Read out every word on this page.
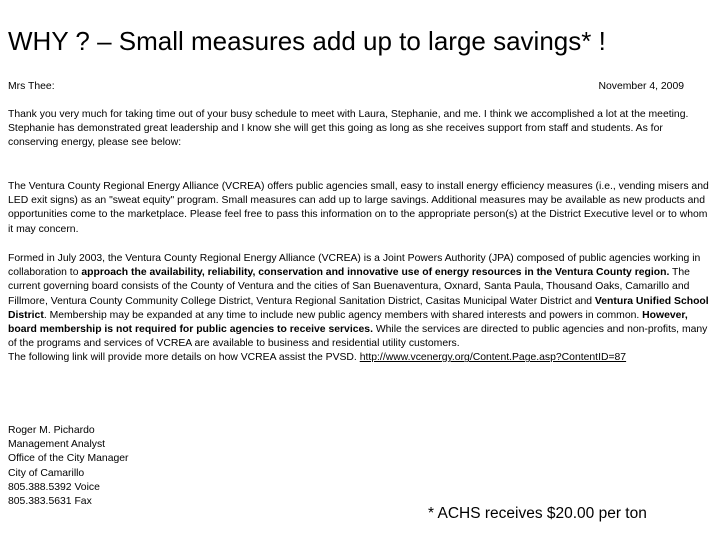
WHY ? – Small measures add up to large savings* !
Mrs Thee:	November 4, 2009

Thank you very much for taking time out of your busy schedule to meet with Laura, Stephanie, and me. I think we accomplished a lot at the meeting. Stephanie has demonstrated great leadership and I know she will get this going as long as she receives support from staff and students. As for conserving energy, please see below:

The Ventura County Regional Energy Alliance (VCREA) offers public agencies small, easy to install energy efficiency measures (i.e., vending misers and LED exit signs) as an "sweat equity" program. Small measures can add up to large savings. Additional measures may be available as new products and opportunities come to the marketplace. Please feel free to pass this information on to the appropriate person(s) at the District Executive level or to whom it may concern.

Formed in July 2003, the Ventura County Regional Energy Alliance (VCREA) is a Joint Powers Authority (JPA) composed of public agencies working in collaboration to approach the availability, reliability, conservation and innovative use of energy resources in the Ventura County region. The current governing board consists of the County of Ventura and the cities of San Buenaventura, Oxnard, Santa Paula, Thousand Oaks, Camarillo and Fillmore, Ventura County Community College District, Ventura Regional Sanitation District, Casitas Municipal Water District and Ventura Unified School District. Membership may be expanded at any time to include new public agency members with shared interests and powers in common. However, board membership is not required for public agencies to receive services. While the services are directed to public agencies and non-profits, many of the programs and services of VCREA are available to business and residential utility customers.
The following link will provide more details on how VCREA assist the PVSD. http://www.vcenergy.org/Content.Page.asp?ContentID=87

Roger M. Pichardo
Management Analyst
Office of the City Manager
City of Camarillo
805.388.5392 Voice
805.383.5631 Fax
* ACHS receives $20.00 per ton
